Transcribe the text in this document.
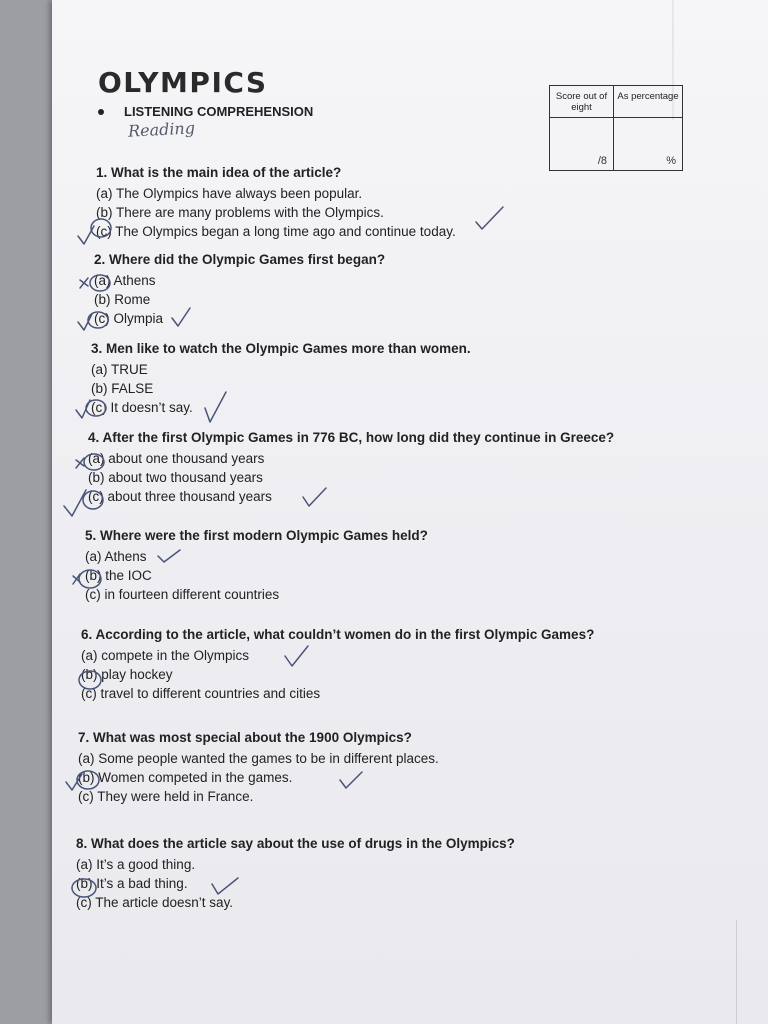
OLYMPICS
LISTENING COMPREHENSION
Reading
Score out of eight
As percentage
/8	%
1. What is the main idea of the article?
(a) The Olympics have always been popular.
(b) There are many problems with the Olympics.
(c) The Olympics began a long time ago and continue today.
2. Where did the Olympic Games first began?
(a) Athens
(b) Rome
(c) Olympia
3. Men like to watch the Olympic Games more than women.
(a) TRUE
(b) FALSE
(c) It doesn’t say.
4. After the first Olympic Games in 776 BC, how long did they continue in Greece?
(a) about one thousand years
(b) about two thousand years
(c) about three thousand years
5. Where were the first modern Olympic Games held?
(a) Athens
(b) the IOC
(c) in fourteen different countries
6. According to the article, what couldn’t women do in the first Olympic Games?
(a) compete in the Olympics
(b) play hockey
(c) travel to different countries and cities
7. What was most special about the 1900 Olympics?
(a) Some people wanted the games to be in different places.
(b) Women competed in the games.
(c) They were held in France.
8. What does the article say about the use of drugs in the Olympics?
(a) It’s a good thing.
(b) It’s a bad thing.
(c) The article doesn’t say.
